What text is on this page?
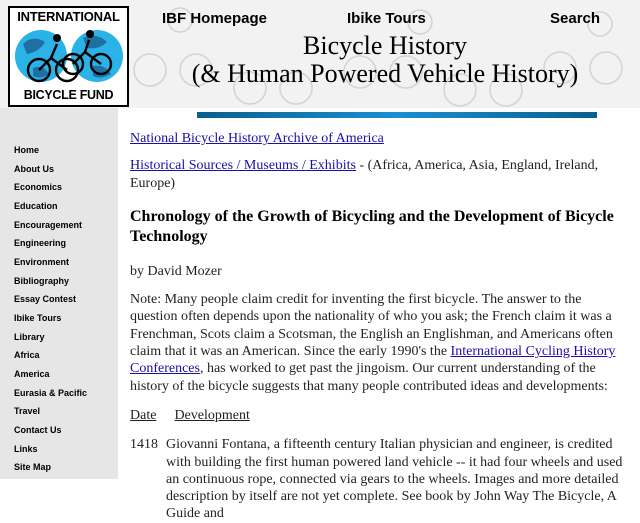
INTERNATIONAL
BICYCLE FUND
IBF Homepage	Ibike Tours	Search
Bicycle History
(& Human Powered Vehicle History)
Home
About Us
Economics
Education
Encouragement
Engineering
Environment
Bibliography
Essay Contest
Ibike Tours
Library
Africa
America
Eurasia & Pacific
Travel
Contact Us
Links
Site Map

National Bicycle History Archive of America

Historical Sources / Museums / Exhibits - (Africa, America, Asia, England, Ireland, Europe)

Chronology of the Growth of Bicycling and the Development of Bicycle Technology

by David Mozer

Note: Many people claim credit for inventing the first bicycle. The answer to the question often depends upon the nationality of who you ask; the French claim it was a Frenchman, Scots claim a Scotsman, the English an Englishman, and Americans often claim that it was an American. Since the early 1990's the International Cycling History Conferences, has worked to get past the jingoism. Our current understanding of the history of the bicycle suggests that many people contributed ideas and developments:

Date Development
1418 Giovanni Fontana, a fifteenth century Italian physician and engineer, is credited with building the first human powered land vehicle -- it had four wheels and used an continuous rope, connected via gears to the wheels. Images and more detailed description by itself are not yet complete. See book by John Way The Bicycle, A Guide and
